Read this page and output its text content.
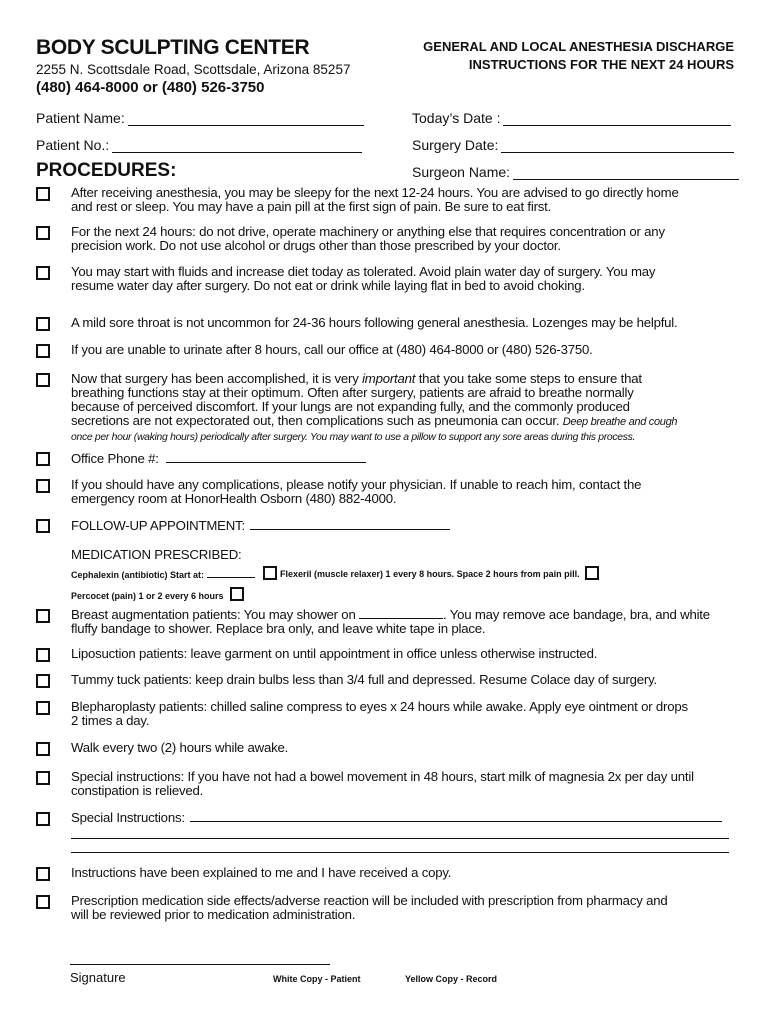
BODY SCULPTING CENTER
2255 N. Scottsdale Road, Scottsdale, Arizona 85257
(480) 464-8000 or (480) 526-3750
GENERAL AND LOCAL ANESTHESIA DISCHARGE
INSTRUCTIONS FOR THE NEXT 24 HOURS
Patient Name:
Patient No.:
Today’s Date :
Surgery Date:
Surgeon Name:
PROCEDURES:
After receiving anesthesia, you may be sleepy for the next 12-24 hours. You are advised to go directly home
and rest or sleep. You may have a pain pill at the first sign of pain. Be sure to eat first.
For the next 24 hours: do not drive, operate machinery or anything else that requires concentration or any
precision work. Do not use alcohol or drugs other than those prescribed by your doctor.
You may start with fluids and increase diet today as tolerated. Avoid plain water day of surgery. You may
resume water day after surgery. Do not eat or drink while laying flat in bed to avoid choking.
A mild sore throat is not uncommon for 24-36 hours following general anesthesia. Lozenges may be helpful.
If you are unable to urinate after 8 hours, call our office at (480) 464-8000 or (480) 526-3750.
Now that surgery has been accomplished, it is very important that you take some steps to ensure that
breathing functions stay at their optimum. Often after surgery, patients are afraid to breathe normally
because of perceived discomfort. If your lungs are not expanding fully, and the commonly produced
secretions are not expectorated out, then complications such as pneumonia can occur. Deep breathe and cough
once per hour (waking hours) periodically after surgery. You may want to use a pillow to support any sore areas during this process.
Office Phone #:
If you should have any complications, please notify your physician. If unable to reach him, contact the
emergency room at HonorHealth Osborn (480) 882-4000.
FOLLOW-UP APPOINTMENT:
MEDICATION PRESCRIBED:
Cephalexin (antibiotic) Start at:	Flexeril (muscle relaxer) 1 every 8 hours. Space 2 hours from pain pill.
Percocet (pain) 1 or 2 every 6 hours
Breast augmentation patients: You may shower on	. You may remove ace bandage, bra, and white
fluffy bandage to shower. Replace bra only, and leave white tape in place.
Liposuction patients: leave garment on until appointment in office unless otherwise instructed.
Tummy tuck patients: keep drain bulbs less than 3/4 full and depressed. Resume Colace day of surgery.
Blepharoplasty patients: chilled saline compress to eyes x 24 hours while awake. Apply eye ointment or drops
2 times a day.
Walk every two (2) hours while awake.
Special instructions: If you have not had a bowel movement in 48 hours, start milk of magnesia 2x per day until
constipation is relieved.
Special Instructions:
Instructions have been explained to me and I have received a copy.
Prescription medication side effects/adverse reaction will be included with prescription from pharmacy and
will be reviewed prior to medication administration.
Signature	White Copy - Patient	Yellow Copy - Record
